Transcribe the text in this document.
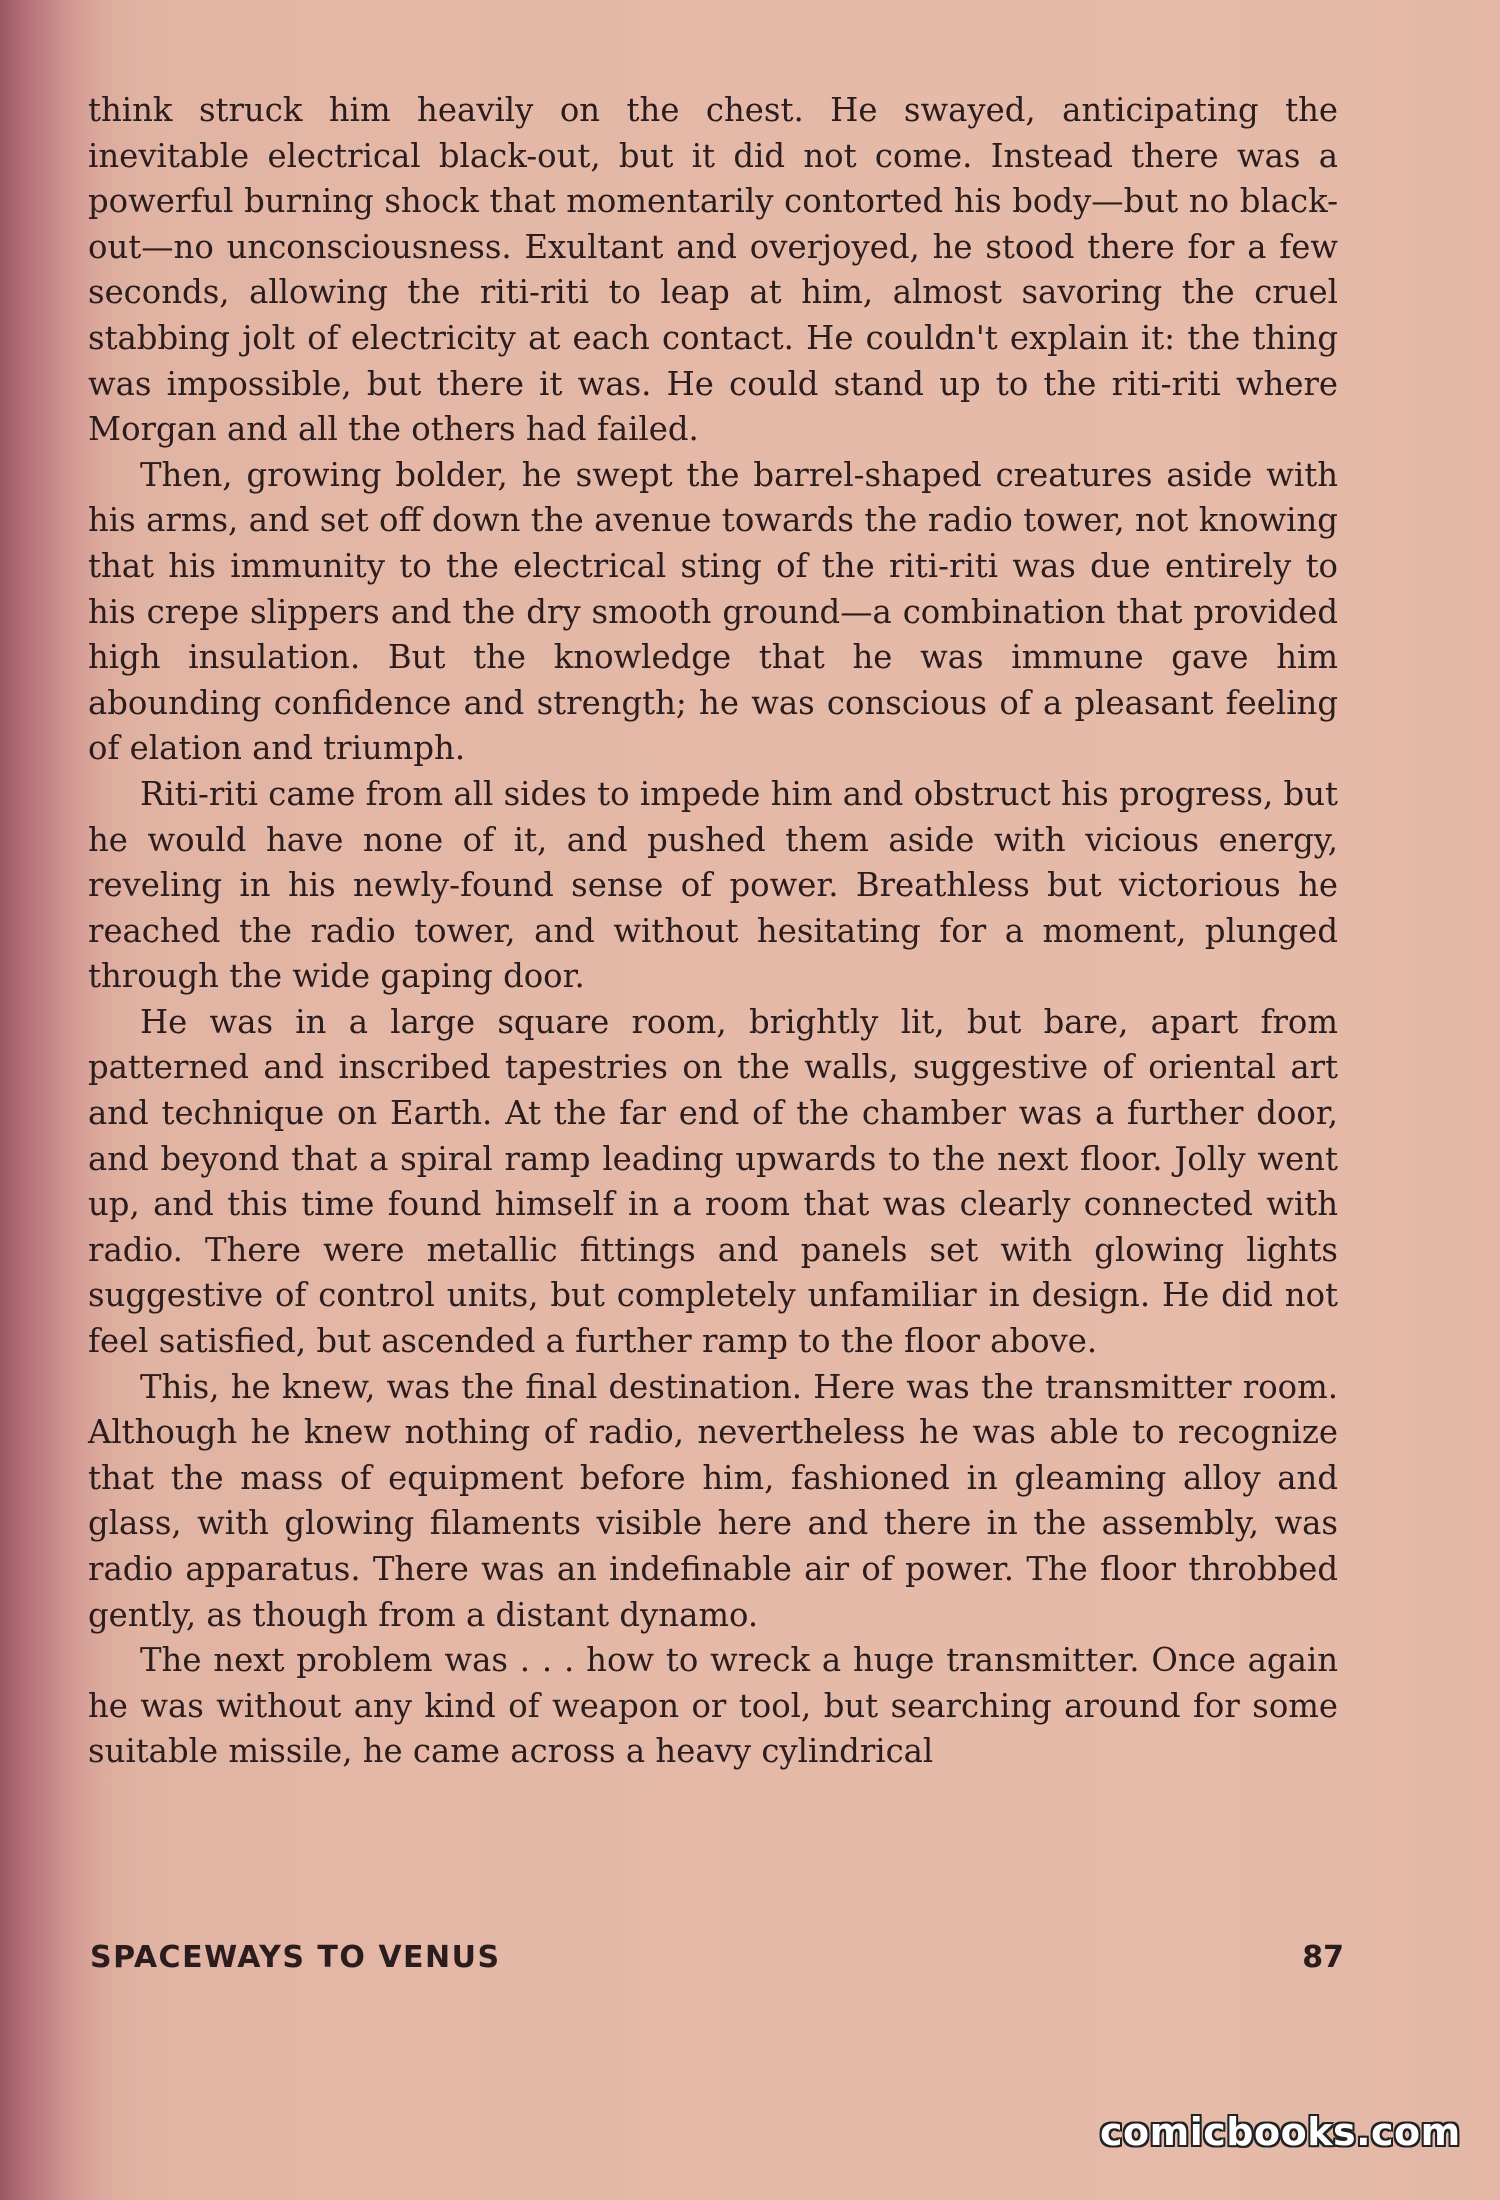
think struck him heavily on the chest. He swayed, anticipating the inevitable electrical black-out, but it did not come. Instead there was a powerful burning shock that momentarily contorted his body—but no black-out—no unconsciousness. Exultant and overjoyed, he stood there for a few seconds, allowing the riti-riti to leap at him, almost savoring the cruel stabbing jolt of electricity at each contact. He couldn't explain it: the thing was impossible, but there it was. He could stand up to the riti-riti where Morgan and all the others had failed.

Then, growing bolder, he swept the barrel-shaped creatures aside with his arms, and set off down the avenue towards the radio tower, not knowing that his immunity to the electrical sting of the riti-riti was due entirely to his crepe slippers and the dry smooth ground—a combination that provided high insulation. But the knowledge that he was immune gave him abounding confidence and strength; he was conscious of a pleasant feeling of elation and triumph.

Riti-riti came from all sides to impede him and obstruct his progress, but he would have none of it, and pushed them aside with vicious energy, reveling in his newly-found sense of power. Breathless but victorious he reached the radio tower, and without hesitating for a moment, plunged through the wide gaping door.

He was in a large square room, brightly lit, but bare, apart from patterned and inscribed tapestries on the walls, suggestive of oriental art and technique on Earth. At the far end of the chamber was a further door, and beyond that a spiral ramp leading upwards to the next floor. Jolly went up, and this time found himself in a room that was clearly connected with radio. There were metallic fittings and panels set with glowing lights suggestive of control units, but completely unfamiliar in design. He did not feel satisfied, but ascended a further ramp to the floor above.

This, he knew, was the final destination. Here was the transmitter room. Although he knew nothing of radio, nevertheless he was able to recognize that the mass of equipment before him, fashioned in gleaming alloy and glass, with glowing filaments visible here and there in the assembly, was radio apparatus. There was an indefinable air of power. The floor throbbed gently, as though from a distant dynamo.

The next problem was . . . how to wreck a huge transmitter. Once again he was without any kind of weapon or tool, but searching around for some suitable missile, he came across a heavy cylindrical

SPACEWAYS TO VENUS	87
comicbooks.com
